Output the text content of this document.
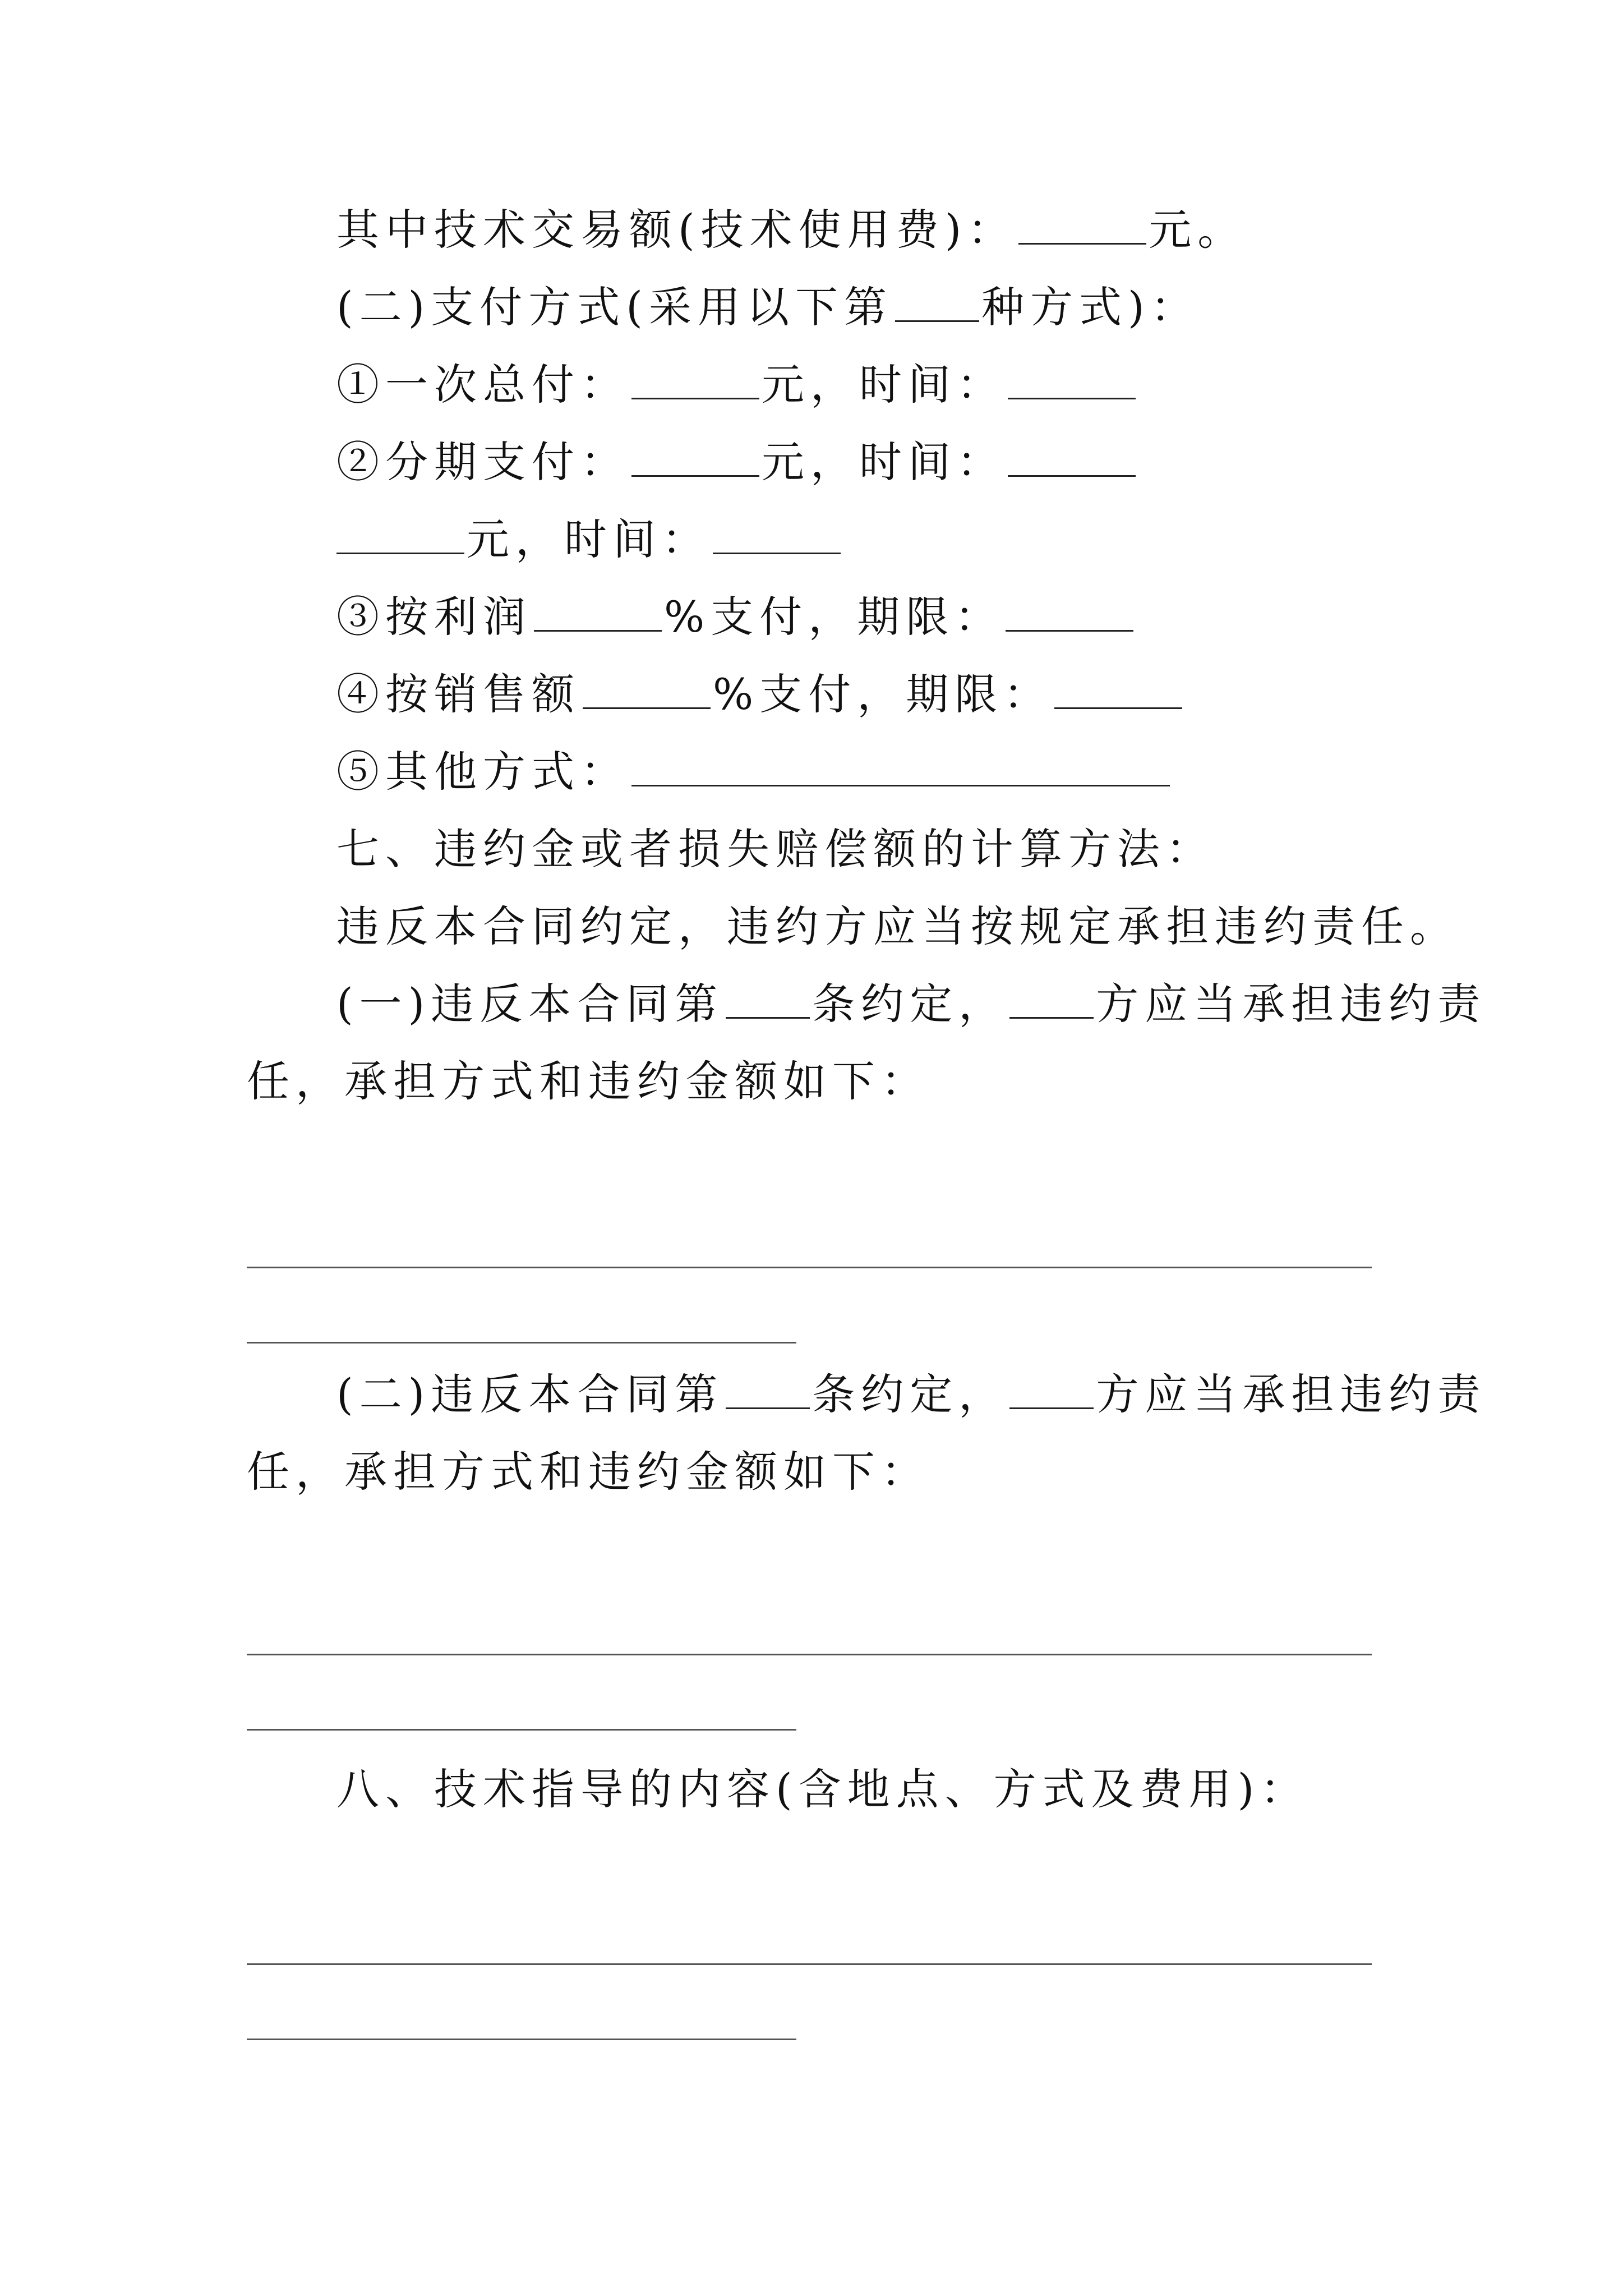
其中技术交易额(技术使用费)：	元。
(二)支付方式(采用以下第 种方式)：
①一次总付：	元，时间：
②分期支付：	元，时间：
元，时间：
③按利润	%支付，期限：
④按销售额	%支付，期限：
⑤其他方式：
七、违约金或者损失赔偿额的计算方法：
违反本合同约定，违约方应当按规定承担违约责任。
(一)违反本合同第 条约定， 方应当承担违约责
任，承担方式和违约金额如下：
(二)违反本合同第 条约定， 方应当承担违约责
任，承担方式和违约金额如下：
八、技术指导的内容(含地点、方式及费用)：
